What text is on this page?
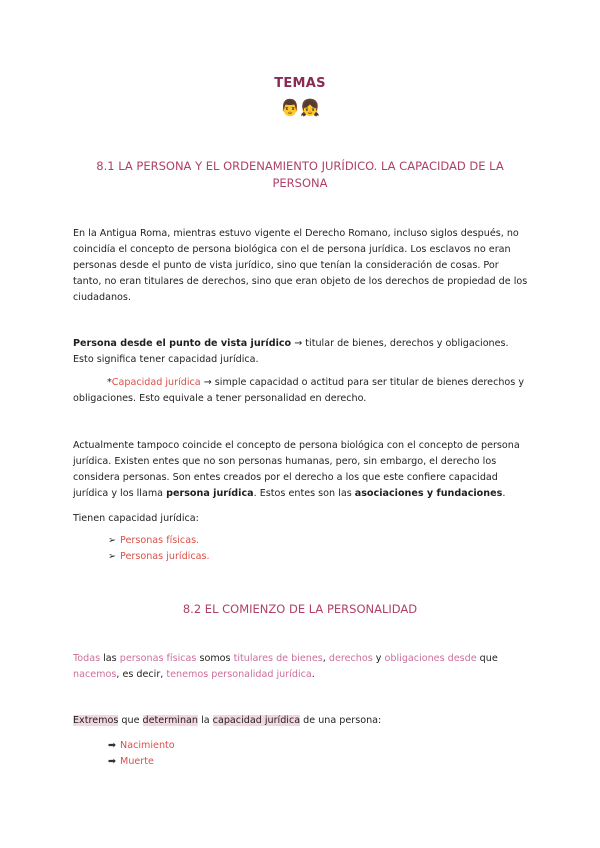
TEMAS
👨👧
8.1 LA PERSONA Y EL ORDENAMIENTO JURÍDICO. LA CAPACIDAD DE LA PERSONA
En la Antigua Roma, mientras estuvo vigente el Derecho Romano, incluso siglos después, no coincidía el concepto de persona biológica con el de persona jurídica. Los esclavos no eran personas desde el punto de vista jurídico, sino que tenían la consideración de cosas. Por tanto, no eran titulares de derechos, sino que eran objeto de los derechos de propiedad de los ciudadanos.
Persona desde el punto de vista jurídico → titular de bienes, derechos y obligaciones. Esto significa tener capacidad jurídica.
*Capacidad jurídica → simple capacidad o actitud para ser titular de bienes derechos y obligaciones. Esto equivale a tener personalidad en derecho.
Actualmente tampoco coincide el concepto de persona biológica con el concepto de persona jurídica. Existen entes que no son personas humanas, pero, sin embargo, el derecho los considera personas. Son entes creados por el derecho a los que este confiere capacidad jurídica y los llama persona jurídica. Estos entes son las asociaciones y fundaciones.
Tienen capacidad jurídica:
➢ Personas físicas.
➢ Personas jurídicas.
8.2 EL COMIENZO DE LA PERSONALIDAD
Todas las personas físicas somos titulares de bienes, derechos y obligaciones desde que nacemos, es decir, tenemos personalidad jurídica.
Extremos que determinan la capacidad jurídica de una persona:
➡ Nacimiento
➡ Muerte
